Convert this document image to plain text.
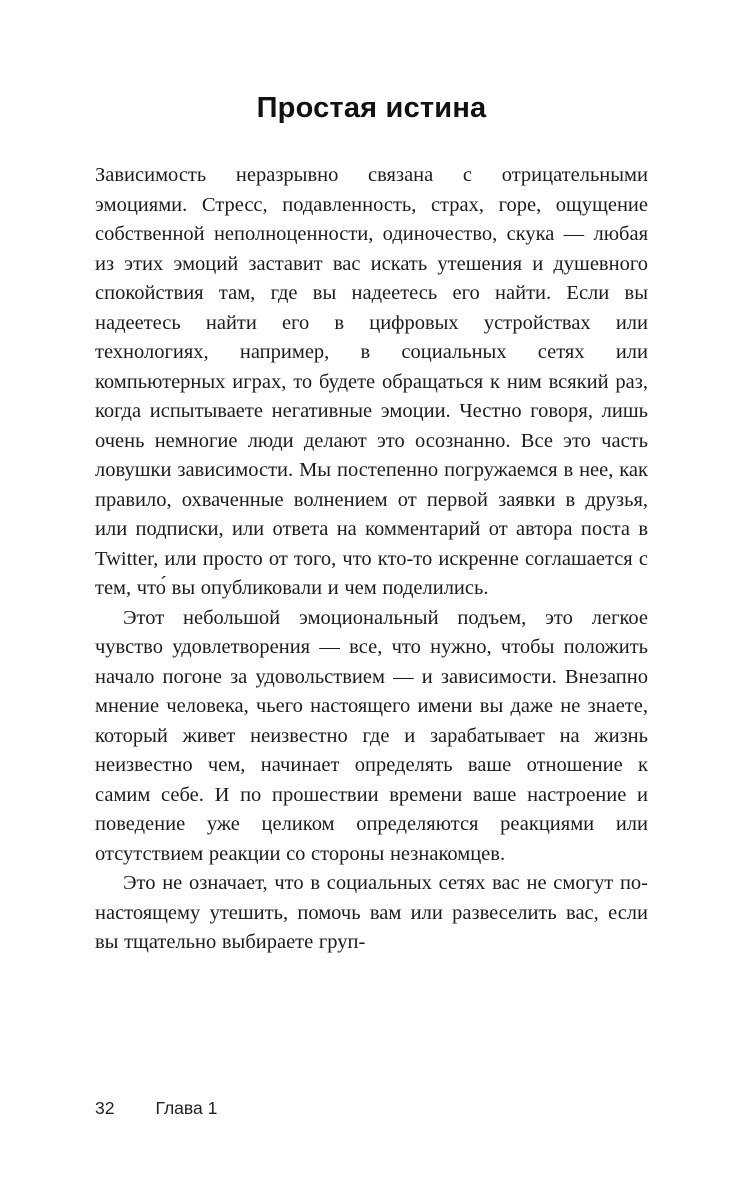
Простая истина

Зависимость неразрывно связана с отрицательными эмоциями. Стресс, подавленность, страх, горе, ощущение собственной неполноценности, одиночество, скука — любая из этих эмоций заставит вас искать утешения и душевного спокойствия там, где вы надеетесь его найти. Если вы надеетесь найти его в цифровых устройствах или технологиях, например, в социальных сетях или компьютерных играх, то будете обращаться к ним всякий раз, когда испытываете негативные эмоции. Честно говоря, лишь очень немногие люди делают это осознанно. Все это часть ловушки зависимости. Мы постепенно погружаемся в нее, как правило, охваченные волнением от первой заявки в друзья, или подписки, или ответа на комментарий от автора поста в Twitter, или просто от того, что кто-то искренне соглашается с тем, что́ вы опубликовали и чем поделились.

Этот небольшой эмоциональный подъем, это легкое чувство удовлетворения — все, что нужно, чтобы положить начало погоне за удовольствием — и зависимости. Внезапно мнение человека, чьего настоящего имени вы даже не знаете, который живет неизвестно где и зарабатывает на жизнь неизвестно чем, начинает определять ваше отношение к самим себе. И по прошествии времени ваше настроение и поведение уже целиком определяются реакциями или отсутствием реакции со стороны незнакомцев.

Это не означает, что в социальных сетях вас не смогут по-настоящему утешить, помочь вам или развеселить вас, если вы тщательно выбираете груп-

32 Глава 1
